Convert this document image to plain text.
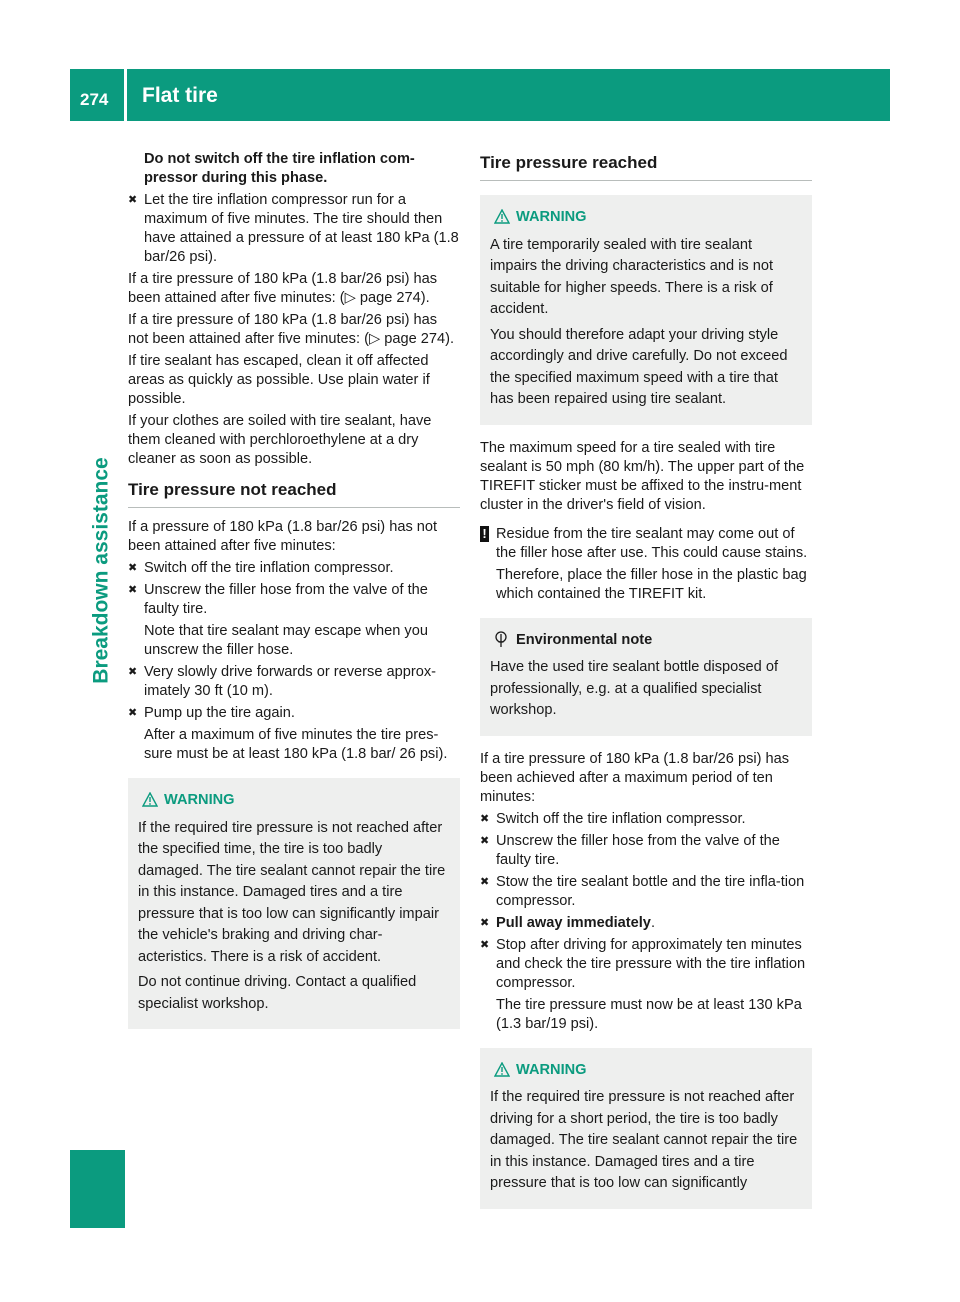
274 Flat tire
Breakdown assistance

Do not switch off the tire inflation com-pressor during this phase.

✖ Let the tire inflation compressor run for a maximum of five minutes. The tire should then have attained a pressure of at least 180 kPa (1.8 bar/26 psi).

If a tire pressure of 180 kPa (1.8 bar/26 psi) has been attained after five minutes: (▷ page 274).

If a tire pressure of 180 kPa (1.8 bar/26 psi) has not been attained after five minutes: (▷ page 274).

If tire sealant has escaped, clean it off affected areas as quickly as possible. Use plain water if possible.

If your clothes are soiled with tire sealant, have them cleaned with perchloroethylene at a dry cleaner as soon as possible.

Tire pressure not reached

If a pressure of 180 kPa (1.8 bar/26 psi) has not been attained after five minutes:

✖ Switch off the tire inflation compressor.
✖ Unscrew the filler hose from the valve of the faulty tire.

Note that tire sealant may escape when you unscrew the filler hose.

✖ Very slowly drive forwards or reverse approx-imately 30 ft (10 m).
✖ Pump up the tire again.

After a maximum of five minutes the tire pres-sure must be at least 180 kPa (1.8 bar/ 26 psi).

WARNING

If the required tire pressure is not reached after the specified time, the tire is too badly damaged. The tire sealant cannot repair the tire in this instance. Damaged tires and a tire pressure that is too low can significantly impair the vehicle's braking and driving char-acteristics. There is a risk of accident.

Do not continue driving. Contact a qualified specialist workshop.

Tire pressure reached
WARNING

A tire temporarily sealed with tire sealant impairs the driving characteristics and is not suitable for higher speeds. There is a risk of accident.

You should therefore adapt your driving style accordingly and drive carefully. Do not exceed the specified maximum speed with a tire that has been repaired using tire sealant.

The maximum speed for a tire sealed with tire sealant is 50 mph (80 km/h). The upper part of the TIREFIT sticker must be affixed to the instru-ment cluster in the driver's field of vision.

! Residue from the tire sealant may come out of the filler hose after use. This could cause stains.

Therefore, place the filler hose in the plastic bag which contained the TIREFIT kit.

Environmental note

Have the used tire sealant bottle disposed of professionally, e.g. at a qualified specialist workshop.

If a tire pressure of 180 kPa (1.8 bar/26 psi) has been achieved after a maximum period of ten minutes:

✖ Switch off the tire inflation compressor.
✖ Unscrew the filler hose from the valve of the faulty tire.
✖ Stow the tire sealant bottle and the tire infla-tion compressor.
✖ Pull away immediately.
✖ Stop after driving for approximately ten minutes and check the tire pressure with the tire inflation compressor.

The tire pressure must now be at least 130 kPa (1.3 bar/19 psi).

WARNING

If the required tire pressure is not reached after driving for a short period, the tire is too badly damaged. The tire sealant cannot repair the tire in this instance. Damaged tires and a tire pressure that is too low can significantly
